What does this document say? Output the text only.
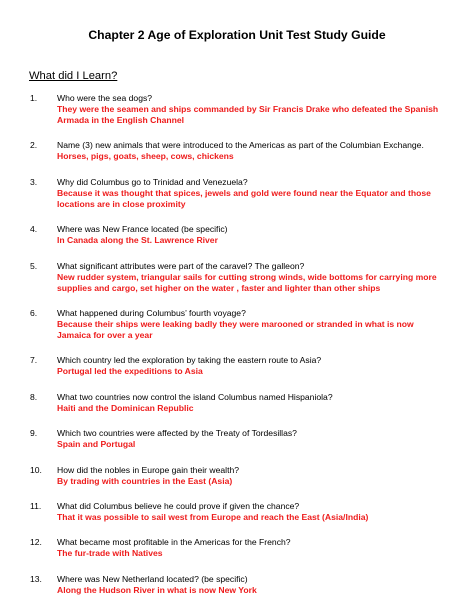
Chapter 2 Age of Exploration Unit Test Study Guide
What did I Learn?
1.	Who were the sea dogs?
They were the seamen and ships commanded by Sir Francis Drake who defeated the Spanish Armada in the English Channel
2.	Name (3) new animals that were introduced to the Americas as part of the Columbian Exchange.
Horses, pigs, goats, sheep, cows, chickens
3.	Why did Columbus go to Trinidad and Venezuela?
Because it was thought that spices, jewels and gold were found near the Equator and those locations are in close proximity
4.	Where was New France located (be specific)
In Canada along the St. Lawrence River
5.	What significant attributes were part of the caravel? The galleon?
New rudder system, triangular sails for cutting strong winds, wide bottoms for carrying more supplies and cargo, set higher on the water , faster and lighter than other ships
6.	What happened during Columbus’ fourth voyage?
Because their ships were leaking badly they were marooned or stranded in what is now Jamaica for over a year
7.	Which country led the exploration by taking the eastern route to Asia?
Portugal led the expeditions to Asia
8.	What two countries now control the island Columbus named Hispaniola?
Haiti and the Dominican Republic
9.	Which two countries were affected by the Treaty of Tordesillas?
Spain and Portugal
10.	How did the nobles in Europe gain their wealth?
By trading with countries in the East (Asia)
11.	What did Columbus believe he could prove if given the chance?
That it was possible to sail west from Europe and reach the East (Asia/India)
12.	What became most profitable in the Americas for the French?
The fur-trade with Natives
13.	Where was New Netherland located? (be specific)
Along the Hudson River in what is now New York
